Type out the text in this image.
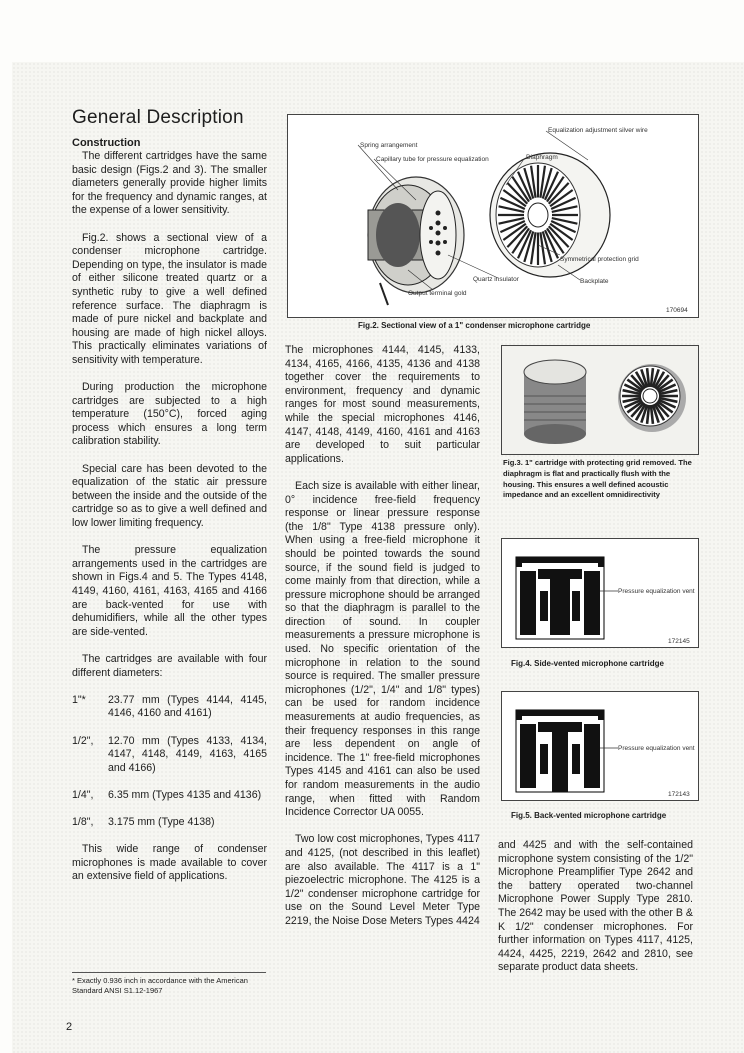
General Description
Construction

The different cartridges have the same basic design (Figs.2 and 3). The smaller diameters generally provide higher limits for the frequency and dynamic ranges, at the expense of a lower sensitivity.

Fig.2. shows a sectional view of a condenser microphone cartridge. Depending on type, the insulator is made of either silicone treated quartz or a synthetic ruby to give a well defined reference surface. The diaphragm is made of pure nickel and backplate and housing are made of high nickel alloys. This practically eliminates variations of sensitivity with temperature.

During production the microphone cartridges are subjected to a high temperature (150°C), forced aging process which ensures a long term calibration stability.

Special care has been devoted to the equalization of the static air pressure between the inside and the outside of the cartridge so as to give a well defined and low lower limiting frequency.

The pressure equalization arrangements used in the cartridges are shown in Figs.4 and 5. The Types 4148, 4149, 4160, 4161, 4163, 4165 and 4166 are back-vented for use with dehumidifiers, while all the other types are side-vented.

The cartridges are available with four different diameters:

1"*	23.77 mm (Types 4144, 4145, 4146, 4160 and 4161)
1/2",	12.70 mm (Types 4133, 4134, 4147, 4148, 4149, 4163, 4165 and 4166)
1/4",	6.35 mm (Types 4135 and 4136)
1/8",	3.175 mm (Type 4138)

This wide range of condenser microphones is made available to cover an extensive field of applications.

* Exactly 0.936 inch in accordance with the American Standard ANSI S1.12-1967
2
Spring arrangement
Capillary tube for pressure equalization
Equalization adjustment silver wire
Diaphragm
Symmetrical protection grid
Quartz insulator	Backplate
Output terminal gold
170694
Fig.2. Sectional view of a 1" condenser microphone cartridge

The microphones 4144, 4145, 4133, 4134, 4165, 4166, 4135, 4136 and 4138 together cover the requirements to environment, frequency and dynamic ranges for most sound measurements, while the special microphones 4146, 4147, 4148, 4149, 4160, 4161 and 4163 are developed to suit particular applications.

Each size is available with either linear, 0° incidence free-field frequency response or linear pressure response (the 1/8" Type 4138 pressure only). When using a free-field microphone it should be pointed towards the sound source, if the sound field is judged to come mainly from that direction, while a pressure microphone should be arranged so that the diaphragm is parallel to the direction of sound. In coupler measurements a pressure microphone is used. No specific orientation of the microphone in relation to the sound source is required. The smaller pressure microphones (1/2", 1/4" and 1/8" types) can be used for random incidence measurements at audio frequencies, as their frequency responses in this range are less dependent on angle of incidence. The 1" free-field microphones Types 4145 and 4161 can also be used for random measurements in the audio range, when fitted with Random Incidence Corrector UA 0055.

Two low cost microphones, Types 4117 and 4125, (not described in this leaflet) are also available. The 4117 is a 1" piezoelectric microphone. The 4125 is a 1/2" condenser microphone cartridge for use on the Sound Level Meter Type 2219, the Noise Dose Meters Types 4424

Fig.3. 1" cartridge with protecting grid removed. The diaphragm is flat and practically flush with the housing. This ensures a well defined acoustic impedance and an excellent omnidirectivity
Pressure equalization vent
172145
Fig.4. Side-vented microphone cartridge
Pressure equalization vent
172143
Fig.5. Back-vented microphone cartridge

and 4425 and with the self-contained microphone system consisting of the 1/2" Microphone Preamplifier Type 2642 and the battery operated two-channel Microphone Power Supply Type 2810. The 2642 may be used with the other B & K 1/2" condenser microphones. For further information on Types 4117, 4125, 4424, 4425, 2219, 2642 and 2810, see separate product data sheets.
